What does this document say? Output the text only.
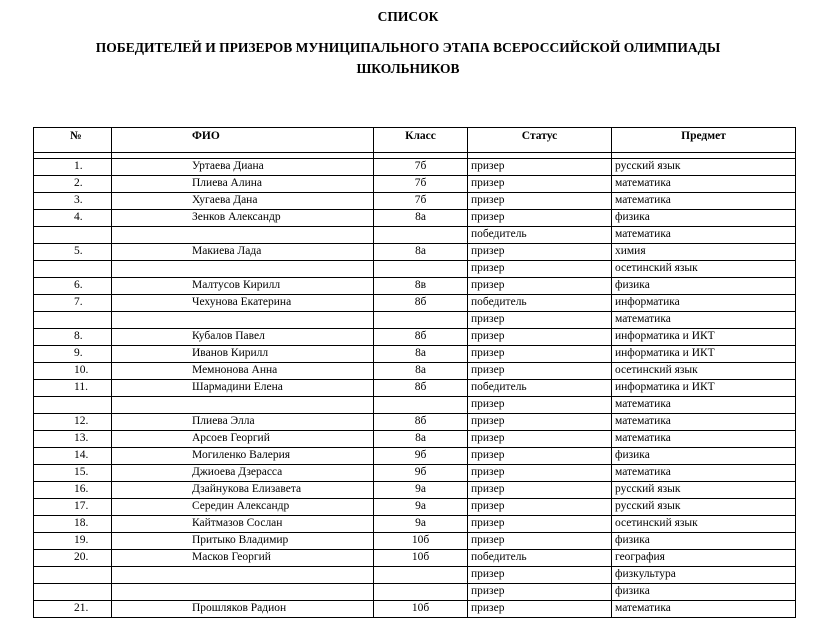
СПИСОК
ПОБЕДИТЕЛЕЙ И ПРИЗЕРОВ МУНИЦИПАЛЬНОГО ЭТАПА ВСЕРОССИЙСКОЙ ОЛИМПИАДЫ
ШКОЛЬНИКОВ
№	ФИО	Класс	Статус	Предмет

1.	Уртаева Диана	7б	призер	русский язык
2.	Плиева Алина	7б	призер	математика
3.	Хугаева Дана	7б	призер	математика
4.	Зенков Александр	8а	призер	физика
			победитель	математика
5.	Макиева Лада	8а	призер	химия
			призер	осетинский язык
6.	Малтусов Кирилл	8в	призер	физика
7.	Чехунова Екатерина	8б	победитель	информатика
			призер	математика
8.	Кубалов Павел	8б	призер	информатика и ИКТ
9.	Иванов Кирилл	8а	призер	информатика и ИКТ
10.	Мемнонова Анна	8а	призер	осетинский язык
11.	Шармадини Елена	8б	победитель	информатика и ИКТ
			призер	математика
12.	Плиева Элла	8б	призер	математика
13.	Арсоев Георгий	8а	призер	математика
14.	Могиленко Валерия	9б	призер	физика
15.	Джиоева Дзерасса	9б	призер	математика
16.	Дзайнукова Елизавета	9а	призер	русский язык
17.	Середин Александр	9а	призер	русский язык
18.	Кайтмазов Сослан	9а	призер	осетинский язык
19.	Притыко Владимир	10б	призер	физика
20.	Масков Георгий	10б	победитель	география
			призер	физкультура
			призер	физика
21.	Прошляков Радион	10б	призер	математика
